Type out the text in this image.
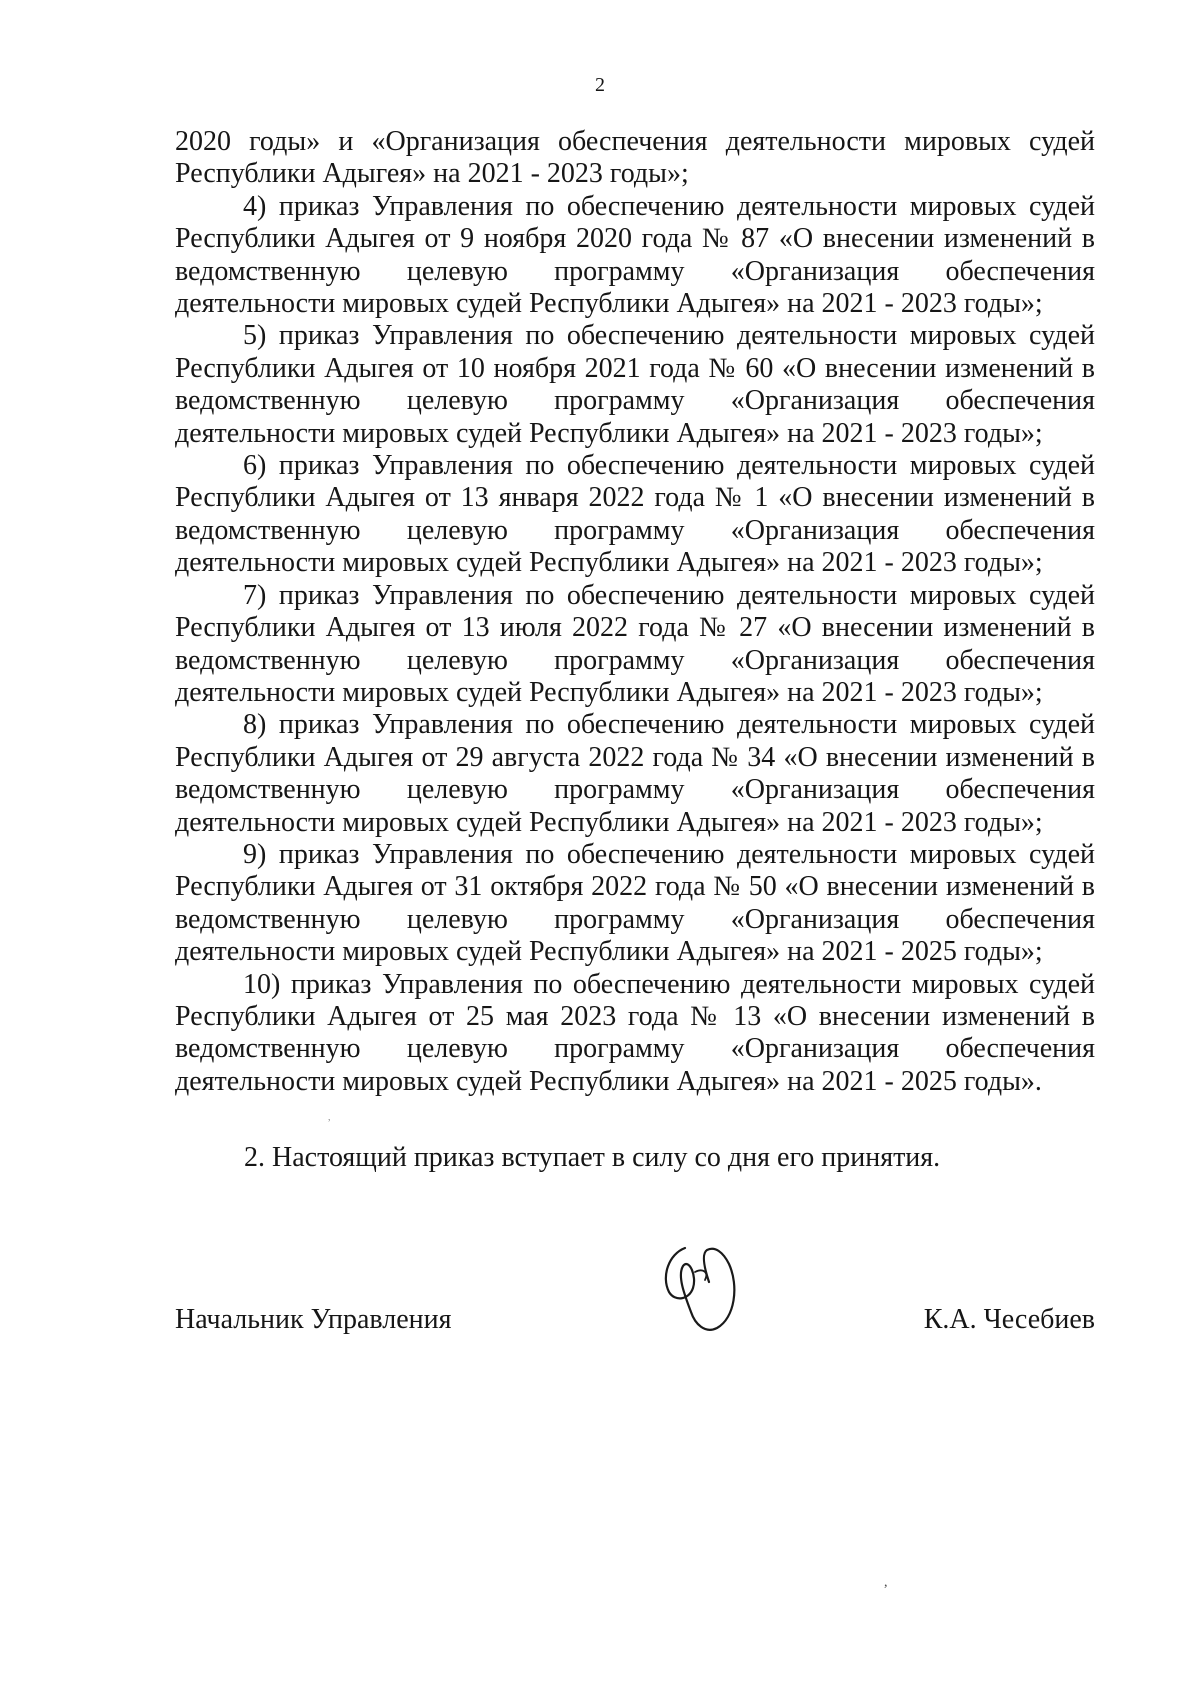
2

2020 годы» и «Организация обеспечения деятельности мировых судей Республики Адыгея» на 2021 - 2023 годы»;

4) приказ Управления по обеспечению деятельности мировых судей Республики Адыгея от 9 ноября 2020 года № 87 «О внесении изменений в ведомственную целевую программу «Организация обеспечения деятельности мировых судей Республики Адыгея» на 2021 - 2023 годы»;

5) приказ Управления по обеспечению деятельности мировых судей Республики Адыгея от 10 ноября 2021 года № 60 «О внесении изменений в ведомственную целевую программу «Организация обеспечения деятельности мировых судей Республики Адыгея» на 2021 - 2023 годы»;

6) приказ Управления по обеспечению деятельности мировых судей Республики Адыгея от 13 января 2022 года № 1 «О внесении изменений в ведомственную целевую программу «Организация обеспечения деятельности мировых судей Республики Адыгея» на 2021 - 2023 годы»;

7) приказ Управления по обеспечению деятельности мировых судей Республики Адыгея от 13 июля 2022 года № 27 «О внесении изменений в ведомственную целевую программу «Организация обеспечения деятельности мировых судей Республики Адыгея» на 2021 - 2023 годы»;

8) приказ Управления по обеспечению деятельности мировых судей Республики Адыгея от 29 августа 2022 года № 34 «О внесении изменений в ведомственную целевую программу «Организация обеспечения деятельности мировых судей Республики Адыгея» на 2021 - 2023 годы»;

9) приказ Управления по обеспечению деятельности мировых судей Республики Адыгея от 31 октября 2022 года № 50 «О внесении изменений в ведомственную целевую программу «Организация обеспечения деятельности мировых судей Республики Адыгея» на 2021 - 2025 годы»;

10) приказ Управления по обеспечению деятельности мировых судей Республики Адыгея от 25 мая 2023 года № 13 «О внесении изменений в ведомственную целевую программу «Организация обеспечения деятельности мировых судей Республики Адыгея» на 2021 - 2025 годы».

,

2. Настоящий приказ вступает в силу со дня его принятия.

Начальник Управления	К.А. Чесебиев
,
